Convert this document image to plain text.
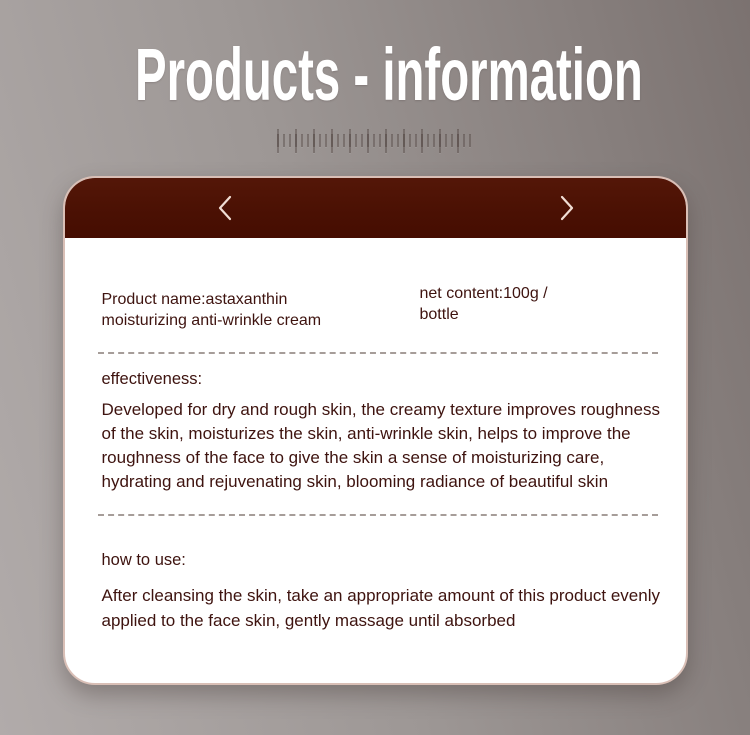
Products - information

Product name:astaxanthin moisturizing anti-wrinkle cream

net content:100g / bottle

effectiveness:

Developed for dry and rough skin, the creamy texture improves roughness of the skin, moisturizes the skin, anti-wrinkle skin, helps to improve the roughness of the face to give the skin a sense of moisturizing care, hydrating and rejuvenating skin, blooming radiance of beautiful skin

how to use:

After cleansing the skin, take an appropriate amount of this product evenly applied to the face skin, gently massage until absorbed
